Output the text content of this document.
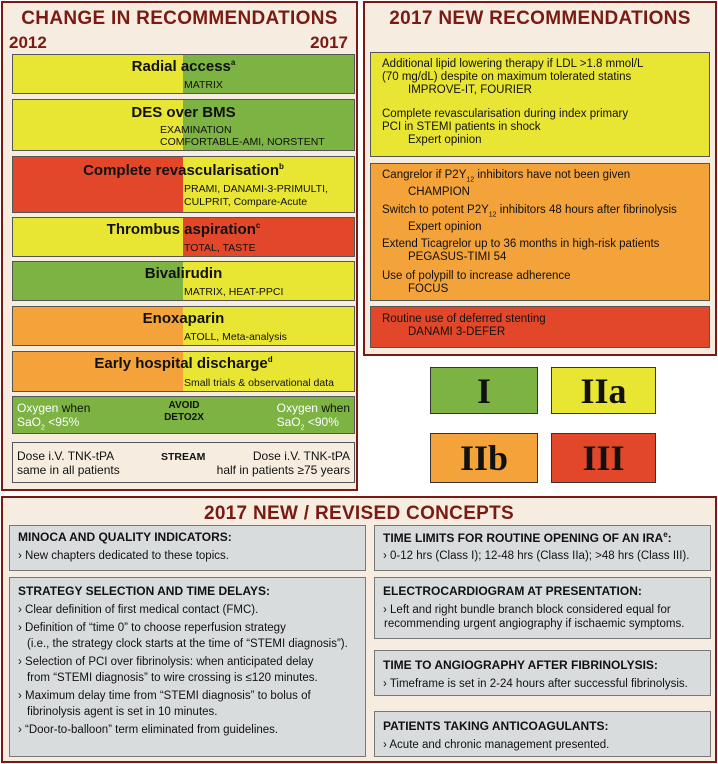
CHANGE IN RECOMMENDATIONS
2012	2017
Radial access$^a$
MATRIX
DES over BMS
EXAMINATION
COMFORTABLE-AMI, NORSTENT
Complete revascularisation$^b$
PRAMI, DANAMI-3-PRIMULTI,
CULPRIT, Compare-Acute
Thrombus aspiration$^c$
TOTAL, TASTE
Bivalirudin
MATRIX, HEAT-PPCI
Enoxaparin
ATOLL, Meta-analysis
Early hospital discharge$^d$
Small trials & observational data
Oxygen when
SaO$_2$ <95%
AVOID
DETO2X
Oxygen when
SaO$_2$ <90%
Dose i.V. TNK-tPA
same in all patients
STREAM	Dose i.V. TNK-tPA
half in patients ≥75 years
2017 NEW RECOMMENDATIONS
Additional lipid lowering therapy if LDL >1.8 mmol/L
(70 mg/dL) despite on maximum tolerated statins
IMPROVE-IT, FOURIER
Complete revascularisation during index primary
PCI in STEMI patients in shock
Expert opinion
Cangrelor if $P2Y_{12}$ inhibitors have not been given
CHAMPION
Switch to potent $P2Y_{12}$ inhibitors 48 hours after fibrinolysis
Expert opinion
Extend Ticagrelor up to 36 months in high-risk patients
PEGASUS-TIMI 54
Use of polypill to increase adherence
FOCUS
Routine use of deferred stenting
DANAMI 3-DEFER
I	IIa
IIb	III
2017 NEW / REVISED CONCEPTS
MINOCA AND QUALITY INDICATORS:
› New chapters dedicated to these topics.
STRATEGY SELECTION AND TIME DELAYS:
› Clear definition of first medical contact (FMC).
› Definition of “time 0” to choose reperfusion strategy
(i.e., the strategy clock starts at the time of “STEMI diagnosis”).
› Selection of PCI over fibrinolysis: when anticipated delay
from “STEMI diagnosis” to wire crossing is ≤120 minutes.
› Maximum delay time from “STEMI diagnosis” to bolus of
fibrinolysis agent is set in 10 minutes.
› “Door-to-balloon” term eliminated from guidelines.
TIME LIMITS FOR ROUTINE OPENING OF AN IRA$^e$:
› 0-12 hrs (Class I); 12-48 hrs (Class IIa); >48 hrs (Class III).
ELECTROCARDIOGRAM AT PRESENTATION:
› Left and right bundle branch block considered equal for
recommending urgent angiography if ischaemic symptoms.
TIME TO ANGIOGRAPHY AFTER FIBRINOLYSIS:
› Timeframe is set in 2-24 hours after successful fibrinolysis.
PATIENTS TAKING ANTICOAGULANTS:
› Acute and chronic management presented.
